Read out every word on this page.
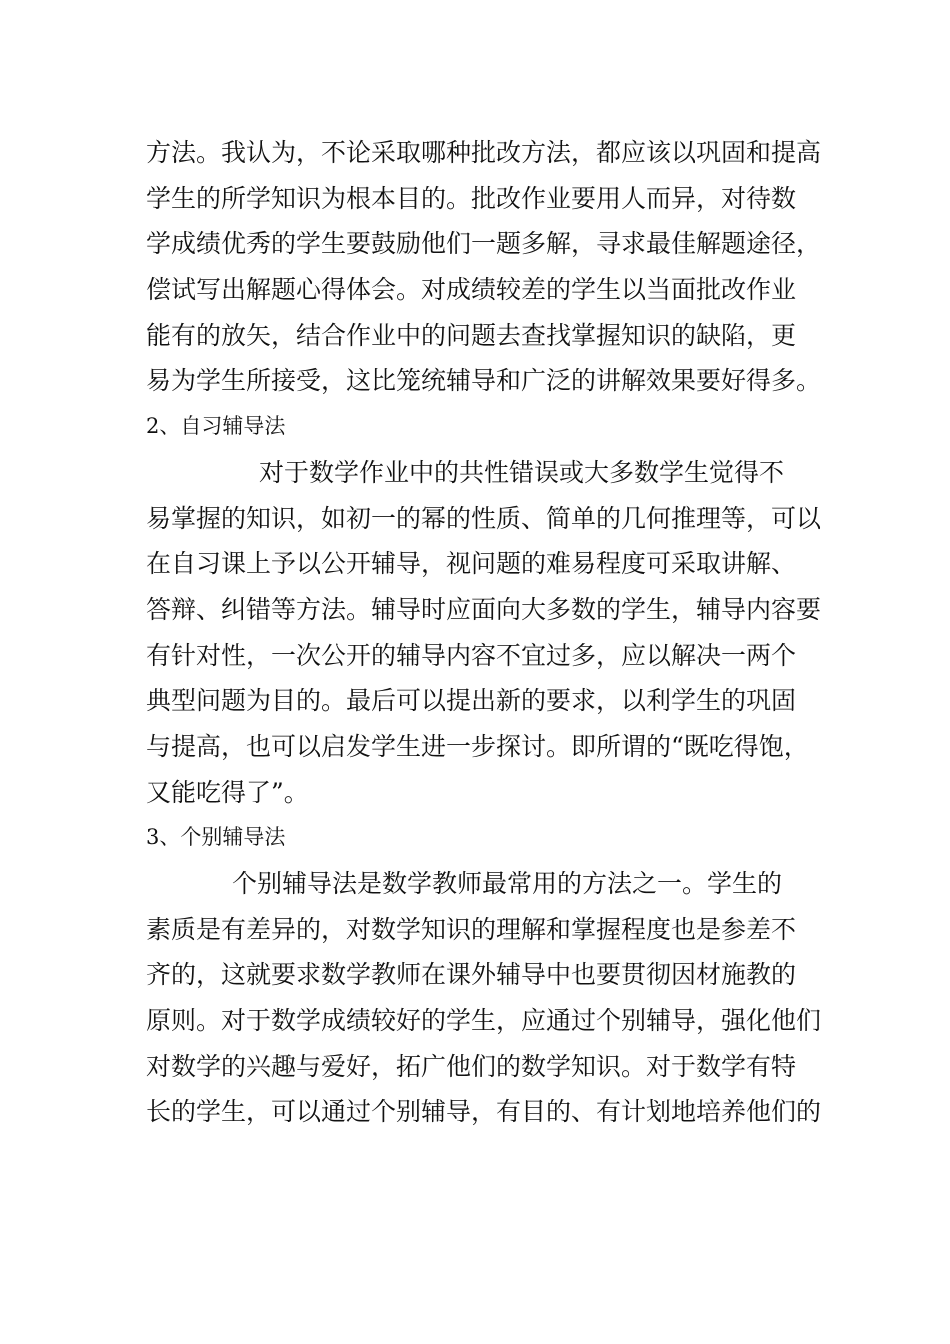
方法。我认为，不论采取哪种批改方法，都应该以巩固和提高
学生的所学知识为根本目的。批改作业要用人而异，对待数
学成绩优秀的学生要鼓励他们一题多解，寻求最佳解题途径，
偿试写出解题心得体会。对成绩较差的学生以当面批改作业
能有的放矢，结合作业中的问题去查找掌握知识的缺陷，更
易为学生所接受，这比笼统辅导和广泛的讲解效果要好得多。
2、自习辅导法
对于数学作业中的共性错误或大多数学生觉得不
易掌握的知识，如初一的幂的性质、简单的几何推理等，可以
在自习课上予以公开辅导，视问题的难易程度可采取讲解、
答辩、纠错等方法。辅导时应面向大多数的学生，辅导内容要
有针对性，一次公开的辅导内容不宜过多，应以解决一两个
典型问题为目的。最后可以提出新的要求，以利学生的巩固
与提高，也可以启发学生进一步探讨。即所谓的“既吃得饱，
又能吃得了”。
3、个别辅导法
个别辅导法是数学教师最常用的方法之一。学生的
素质是有差异的，对数学知识的理解和掌握程度也是参差不
齐的，这就要求数学教师在课外辅导中也要贯彻因材施教的
原则。对于数学成绩较好的学生，应通过个别辅导，强化他们
对数学的兴趣与爱好，拓广他们的数学知识。对于数学有特
长的学生，可以通过个别辅导，有目的、有计划地培养他们的
